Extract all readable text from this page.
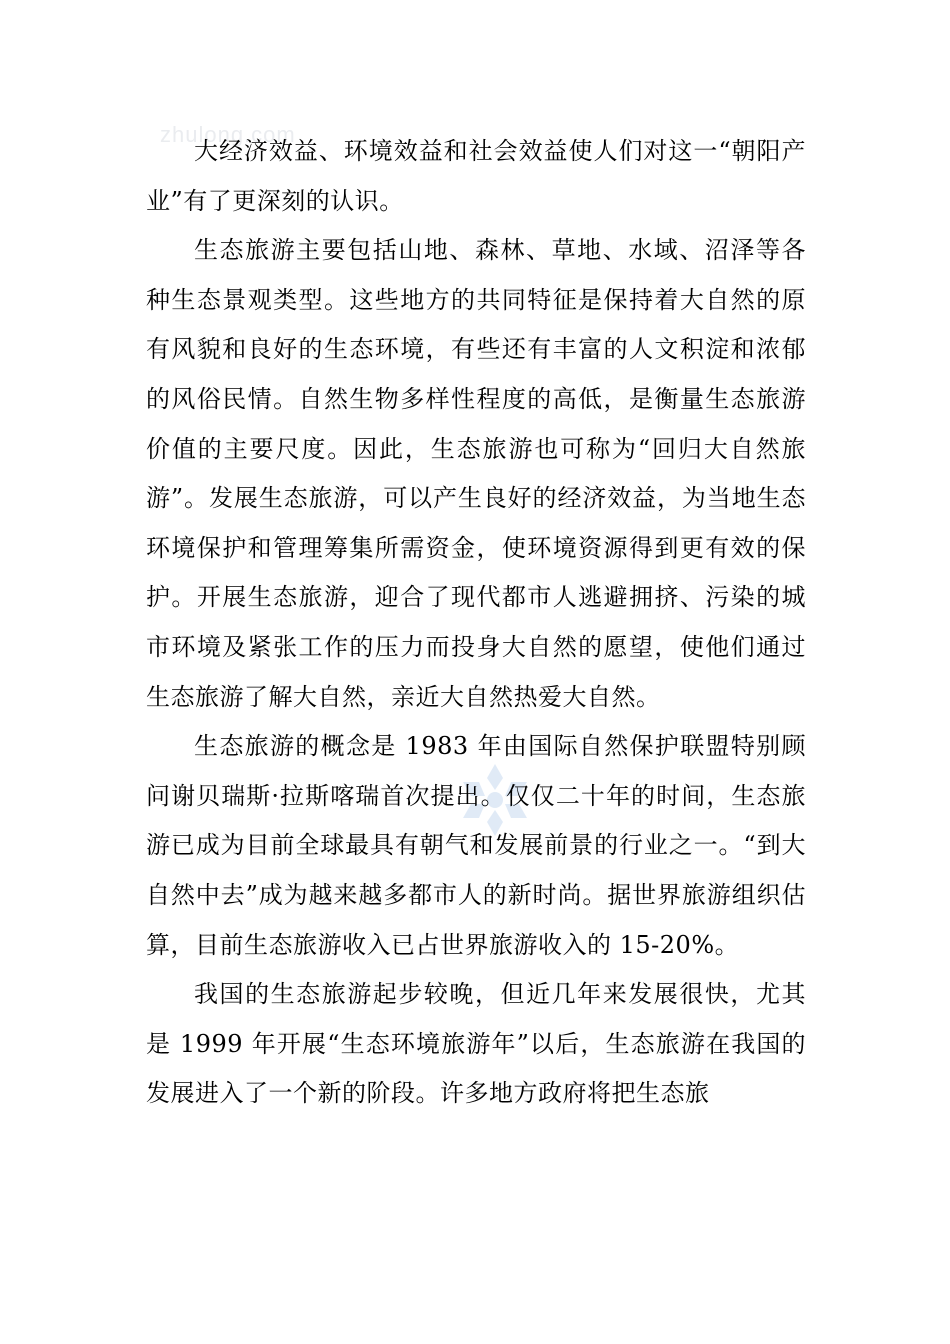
zhulong.com

大经济效益、环境效益和社会效益使人们对这一“朝阳产业”有了更深刻的认识。

生态旅游主要包括山地、森林、草地、水域、沼泽等各种生态景观类型。这些地方的共同特征是保持着大自然的原有风貌和良好的生态环境，有些还有丰富的人文积淀和浓郁的风俗民情。自然生物多样性程度的高低，是衡量生态旅游价值的主要尺度。因此，生态旅游也可称为“回归大自然旅游”。发展生态旅游，可以产生良好的经济效益，为当地生态环境保护和管理筹集所需资金，使环境资源得到更有效的保护。开展生态旅游，迎合了现代都市人逃避拥挤、污染的城市环境及紧张工作的压力而投身大自然的愿望，使他们通过生态旅游了解大自然，亲近大自然热爱大自然。

生态旅游的概念是 1983 年由国际自然保护联盟特别顾问谢贝瑞斯·拉斯喀瑞首次提出。仅仅二十年的时间，生态旅游已成为目前全球最具有朝气和发展前景的行业之一。“到大自然中去”成为越来越多都市人的新时尚。据世界旅游组织估算，目前生态旅游收入已占世界旅游收入的 15-20%。

我国的生态旅游起步较晚，但近几年来发展很快，尤其是 1999 年开展“生态环境旅游年”以后，生态旅游在我国的发展进入了一个新的阶段。许多地方政府将把生态旅
